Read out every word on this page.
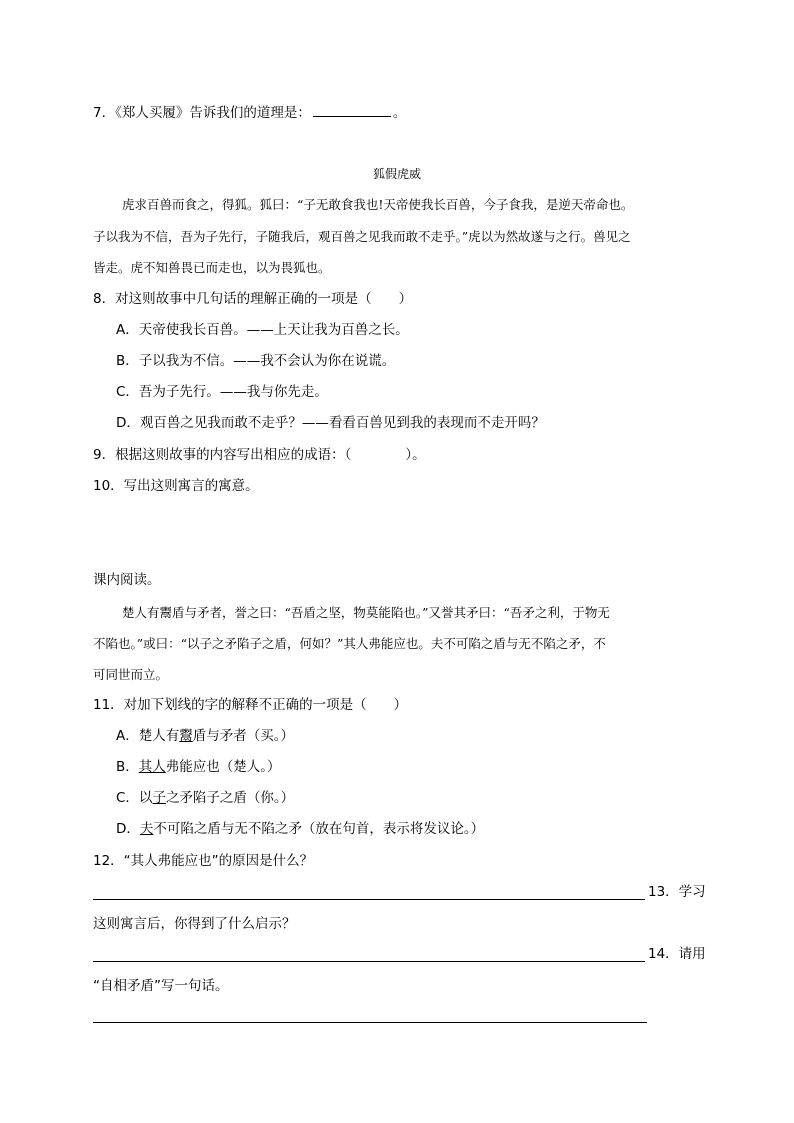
7．《郑人买履》告诉我们的道理是：	。
狐假虎威
虎求百兽而食之，得狐。狐曰：“子无敢食我也!天帝使我长百兽，今子食我，是逆天帝命也。
子以我为不信，吾为子先行，子随我后，观百兽之见我而敢不走乎。”虎以为然故遂与之行。兽见之
皆走。虎不知兽畏已而走也，以为畏狐也。
8．对这则故事中几句话的理解正确的一项是（　　）
A．天帝使我长百兽。——上天让我为百兽之长。
B．子以我为不信。——我不会认为你在说谎。
C．吾为子先行。——我与你先走。
D．观百兽之见我而敢不走乎？——看看百兽见到我的表现而不走开吗？
9．根据这则故事的内容写出相应的成语：（　　　　）。
10．写出这则寓言的寓意。
课内阅读。
楚人有鬻盾与矛者，誉之曰：“吾盾之坚，物莫能陷也。”又誉其矛曰：“吾矛之利，于物无
不陷也。”或曰：“以子之矛陷子之盾，何如？”其人弗能应也。夫不可陷之盾与无不陷之矛，不
可同世而立。
11．对加下划线的字的解释不正确的一项是（　　）
A．楚人有鬻盾与矛者（买。）
B．其人弗能应也（楚人。）
C．以子之矛陷子之盾（你。）
D．夫不可陷之盾与无不陷之矛（放在句首，表示将发议论。）
12．“其人弗能应也”的原因是什么？
13．学习
这则寓言后，你得到了什么启示？
14．请用
“自相矛盾”写一句话。
